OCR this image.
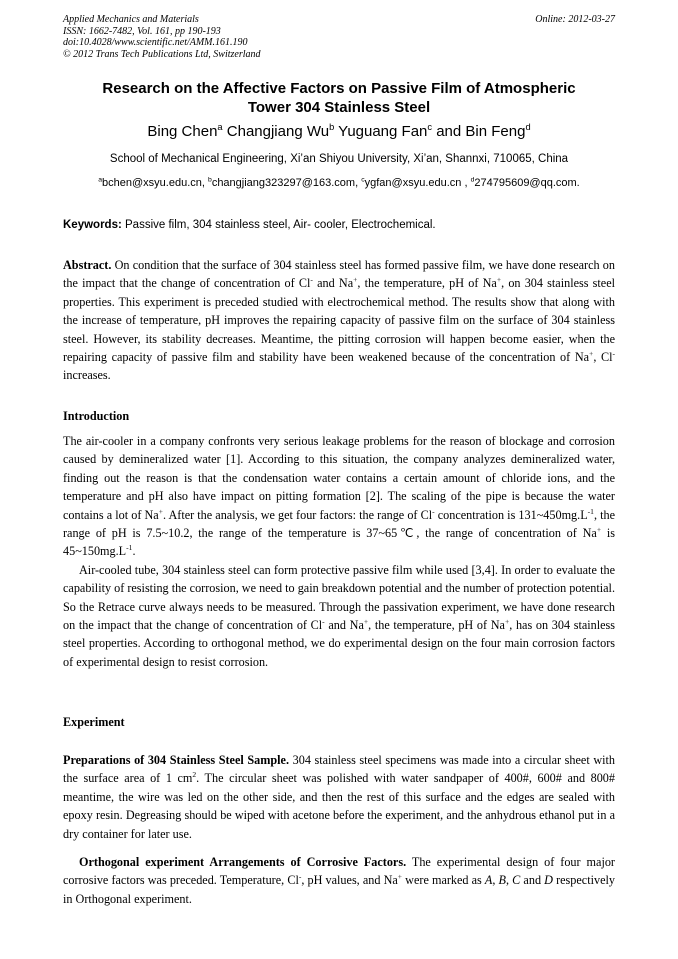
Applied Mechanics and Materials
ISSN: 1662-7482, Vol. 161, pp 190-193
doi:10.4028/www.scientific.net/AMM.161.190
© 2012 Trans Tech Publications Ltd, Switzerland
Online: 2012-03-27
Research on the Affective Factors on Passive Film of Atmospheric
Tower 304 Stainless Steel
Bing Chen$^a$ Changjiang Wu$^b$ Yuguang Fan$^c$ and Bin Feng$^d$
School of Mechanical Engineering, Xi’an Shiyou University, Xi’an, Shannxi, 710065, China
$^a$bchen@xsyu.edu.cn, $^b$changjiang323297@163.com, $^c$ygfan@xsyu.edu.cn , $^d$274795609@qq.com.
Keywords: Passive film, 304 stainless steel, Air- cooler, Electrochemical.
Abstract. On condition that the surface of 304 stainless steel has formed passive film, we have done research on the impact that the change of concentration of Cl- and Na+, the temperature, pH of Na+, on 304 stainless steel properties. This experiment is preceded studied with electrochemical method. The results show that along with the increase of temperature, pH improves the repairing capacity of passive film on the surface of 304 stainless steel. However, its stability decreases. Meantime, the pitting corrosion will happen become easier, when the repairing capacity of passive film and stability have been weakened because of the concentration of Na+, Cl- increases.
Introduction
The air-cooler in a company confronts very serious leakage problems for the reason of blockage and corrosion caused by demineralized water [1]. According to this situation, the company analyzes demineralized water, finding out the reason is that the condensation water contains a certain amount of chloride ions, and the temperature and pH also have impact on pitting formation [2]. The scaling of the pipe is because the water contains a lot of Na+. After the analysis, we get four factors: the range of Cl- concentration is $131\sim 450mg.L^{-1}$, the range of pH is 7.5~10.2, the range of the temperature is 37~65℃, the range of concentration of Na+ is $45\sim 150mg.L^{-1}$.
Air-cooled tube, 304 stainless steel can form protective passive film while used [3,4]. In order to evaluate the capability of resisting the corrosion, we need to gain breakdown potential and the number of protection potential. So the Retrace curve always needs to be measured. Through the passivation experiment, we have done research on the impact that the change of concentration of Cl- and Na+, the temperature, pH of Na+, has on 304 stainless steel properties. According to orthogonal method, we do experimental design on the four main corrosion factors of experimental design to resist corrosion.
Experiment
Preparations of 304 Stainless Steel Sample. 304 stainless steel specimens was made into a circular sheet with the surface area of 1 $cm^2$. The circular sheet was polished with water sandpaper of 400#, 600# and 800# meantime, the wire was led on the other side, and then the rest of this surface and the edges are sealed with epoxy resin. Degreasing should be wiped with acetone before the experiment, and the anhydrous ethanol put in a dry container for later use.
Orthogonal experiment Arrangements of Corrosive Factors. The experimental design of four major corrosive factors was preceded. Temperature, Cl-, pH values, and Na+ were marked as A, B, C and D respectively in Orthogonal experiment.
